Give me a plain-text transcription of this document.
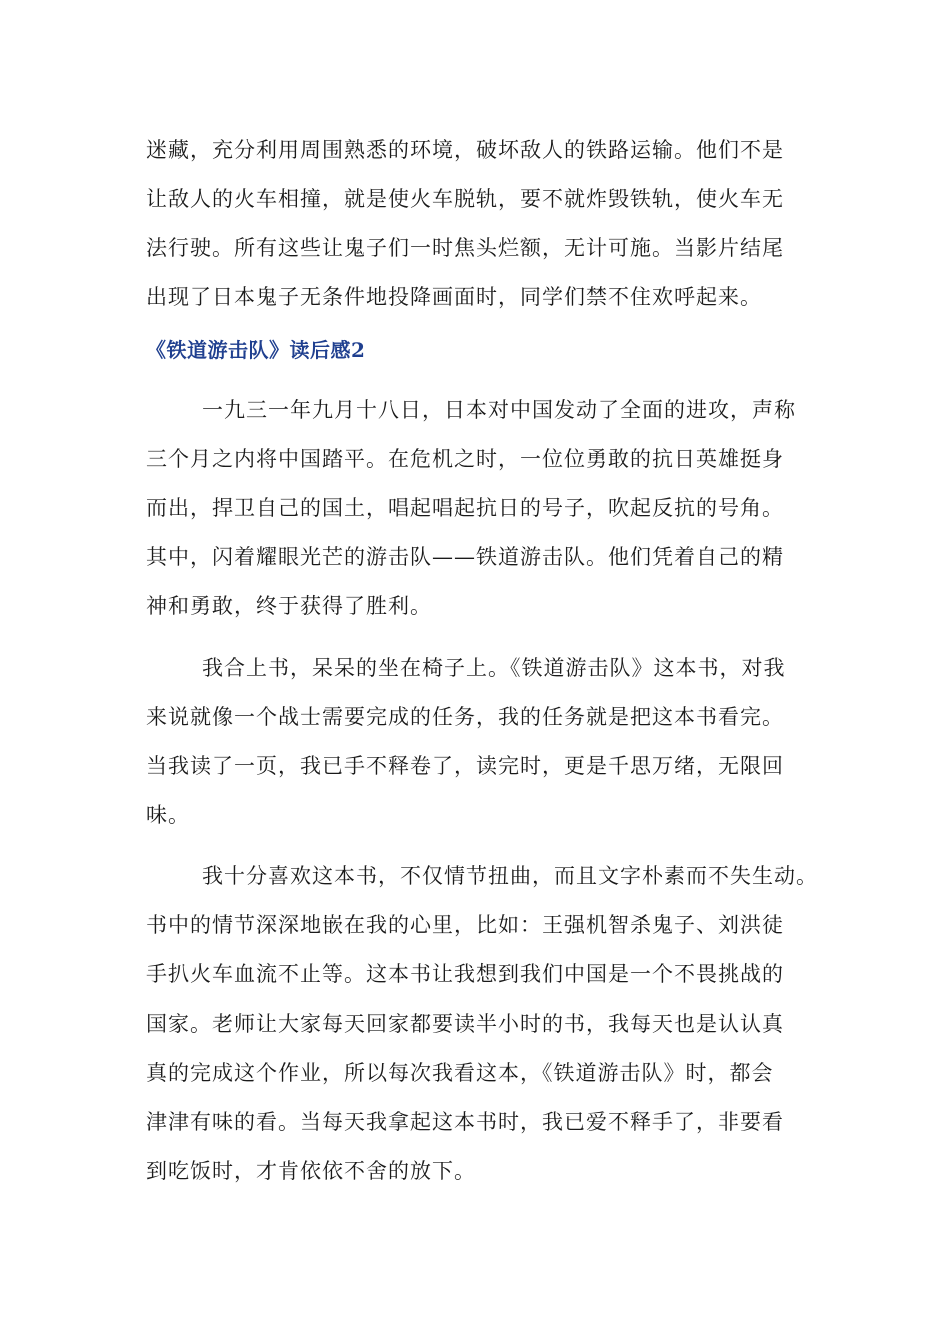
迷藏，充分利用周围熟悉的环境，破坏敌人的铁路运输。他们不是
让敌人的火车相撞，就是使火车脱轨，要不就炸毁铁轨，使火车无
法行驶。所有这些让鬼子们一时焦头烂额，无计可施。当影片结尾
出现了日本鬼子无条件地投降画面时，同学们禁不住欢呼起来。
《铁道游击队》读后感2
一九三一年九月十八日，日本对中国发动了全面的进攻，声称
三个月之内将中国踏平。在危机之时，一位位勇敢的抗日英雄挺身
而出，捍卫自己的国土，唱起唱起抗日的号子，吹起反抗的号角。
其中，闪着耀眼光芒的游击队——铁道游击队。他们凭着自己的精
神和勇敢，终于获得了胜利。
我合上书，呆呆的坐在椅子上。《铁道游击队》这本书，对我
来说就像一个战士需要完成的任务，我的任务就是把这本书看完。
当我读了一页，我已手不释卷了，读完时，更是千思万绪，无限回
味。
我十分喜欢这本书，不仅情节扭曲，而且文字朴素而不失生动。
书中的情节深深地嵌在我的心里，比如：王强机智杀鬼子、刘洪徒
手扒火车血流不止等。这本书让我想到我们中国是一个不畏挑战的
国家。老师让大家每天回家都要读半小时的书，我每天也是认认真
真的完成这个作业，所以每次我看这本，《铁道游击队》时，都会
津津有味的看。当每天我拿起这本书时，我已爱不释手了，非要看
到吃饭时，才肯依依不舍的放下。
